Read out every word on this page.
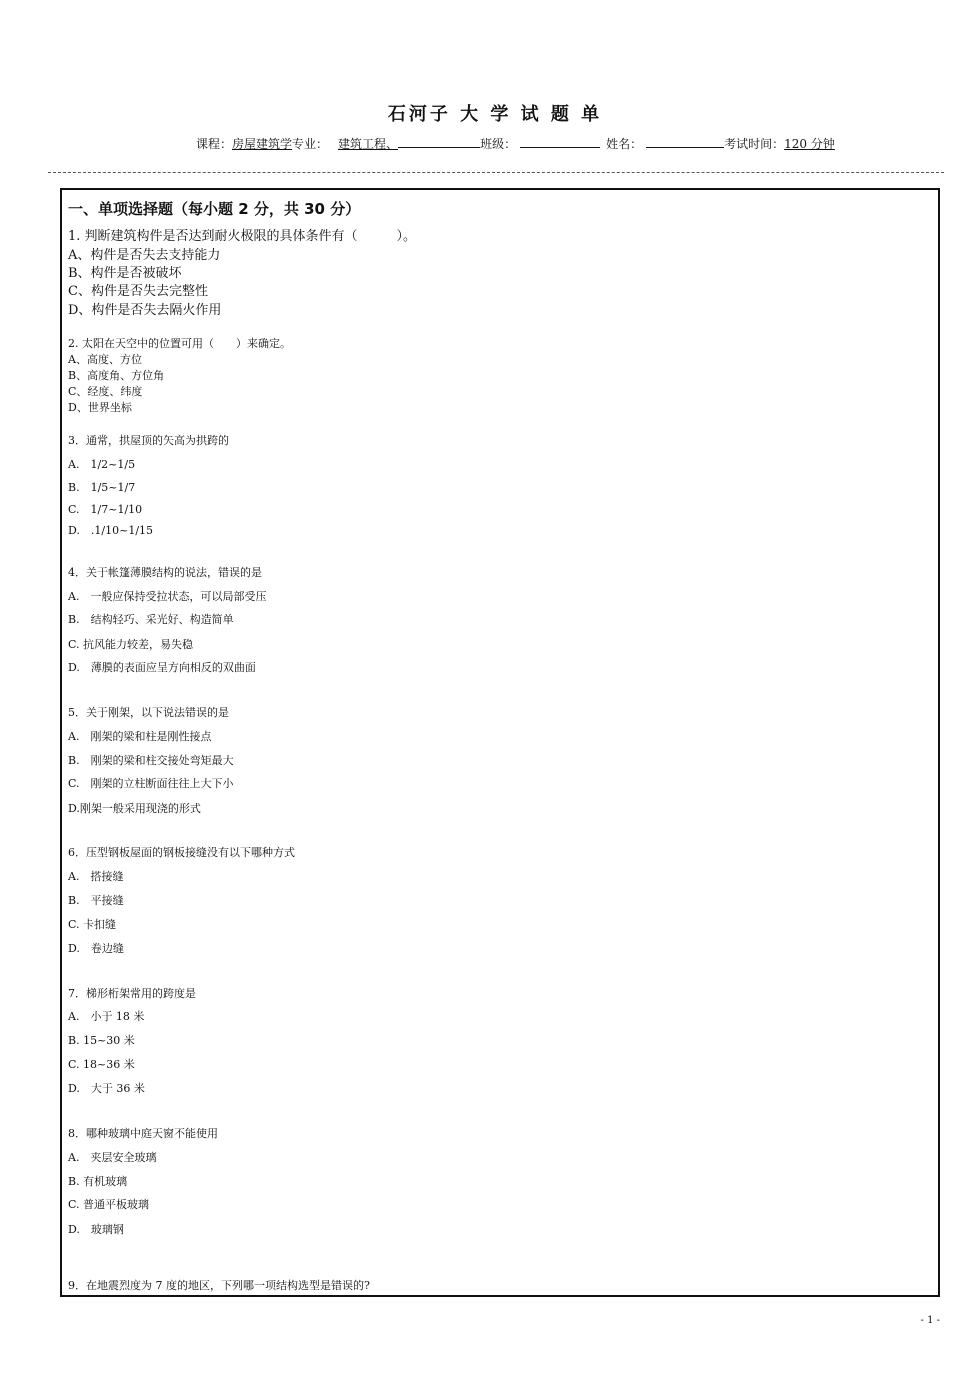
石河子 大 学 试 题 单
课程：房屋建筑学专业： 建筑工程、	班级：	姓名：	考试时间：120 分钟
一、单项选择题（每小题 2 分，共 30 分）
1. 判断建筑构件是否达到耐火极限的具体条件有（　　　）。
A、构件是否失去支持能力
B、构件是否被破坏
C、构件是否失去完整性
D、构件是否失去隔火作用
2. 太阳在天空中的位置可用（　　）来确定。
A、高度、方位
B、高度角、方位角
C、经度、纬度
D、世界坐标
3．通常，拱屋顶的矢高为拱跨的
A.　1/2~1/5
B.　1/5~1/7
C.　1/7~1/10
D.　.1/10~1/15
4．关于帐篷薄膜结构的说法，错误的是
A.　一般应保持受拉状态，可以局部受压
B.　结构轻巧、采光好、构造简单
C. 抗风能力较差，易失稳
D.　薄膜的表面应呈方向相反的双曲面
5．关于刚架，以下说法错误的是
A.　刚架的梁和柱是刚性接点
B.　刚架的梁和柱交接处弯矩最大
C.　刚架的立柱断面往往上大下小
D.刚架一般采用现浇的形式
6．压型钢板屋面的钢板接缝没有以下哪种方式
A.　搭接缝
B.　平接缝
C. 卡扣缝
D.　卷边缝
7．梯形桁架常用的跨度是
A.　小于 18 米
B. 15~30 米
C. 18~36 米
D.　大于 36 米
8．哪种玻璃中庭天窗不能使用
A.　夹层安全玻璃
B. 有机玻璃
C. 普通平板玻璃
D.　玻璃钢
9．在地震烈度为 7 度的地区，下列哪一项结构选型是错误的?
- 1 -
